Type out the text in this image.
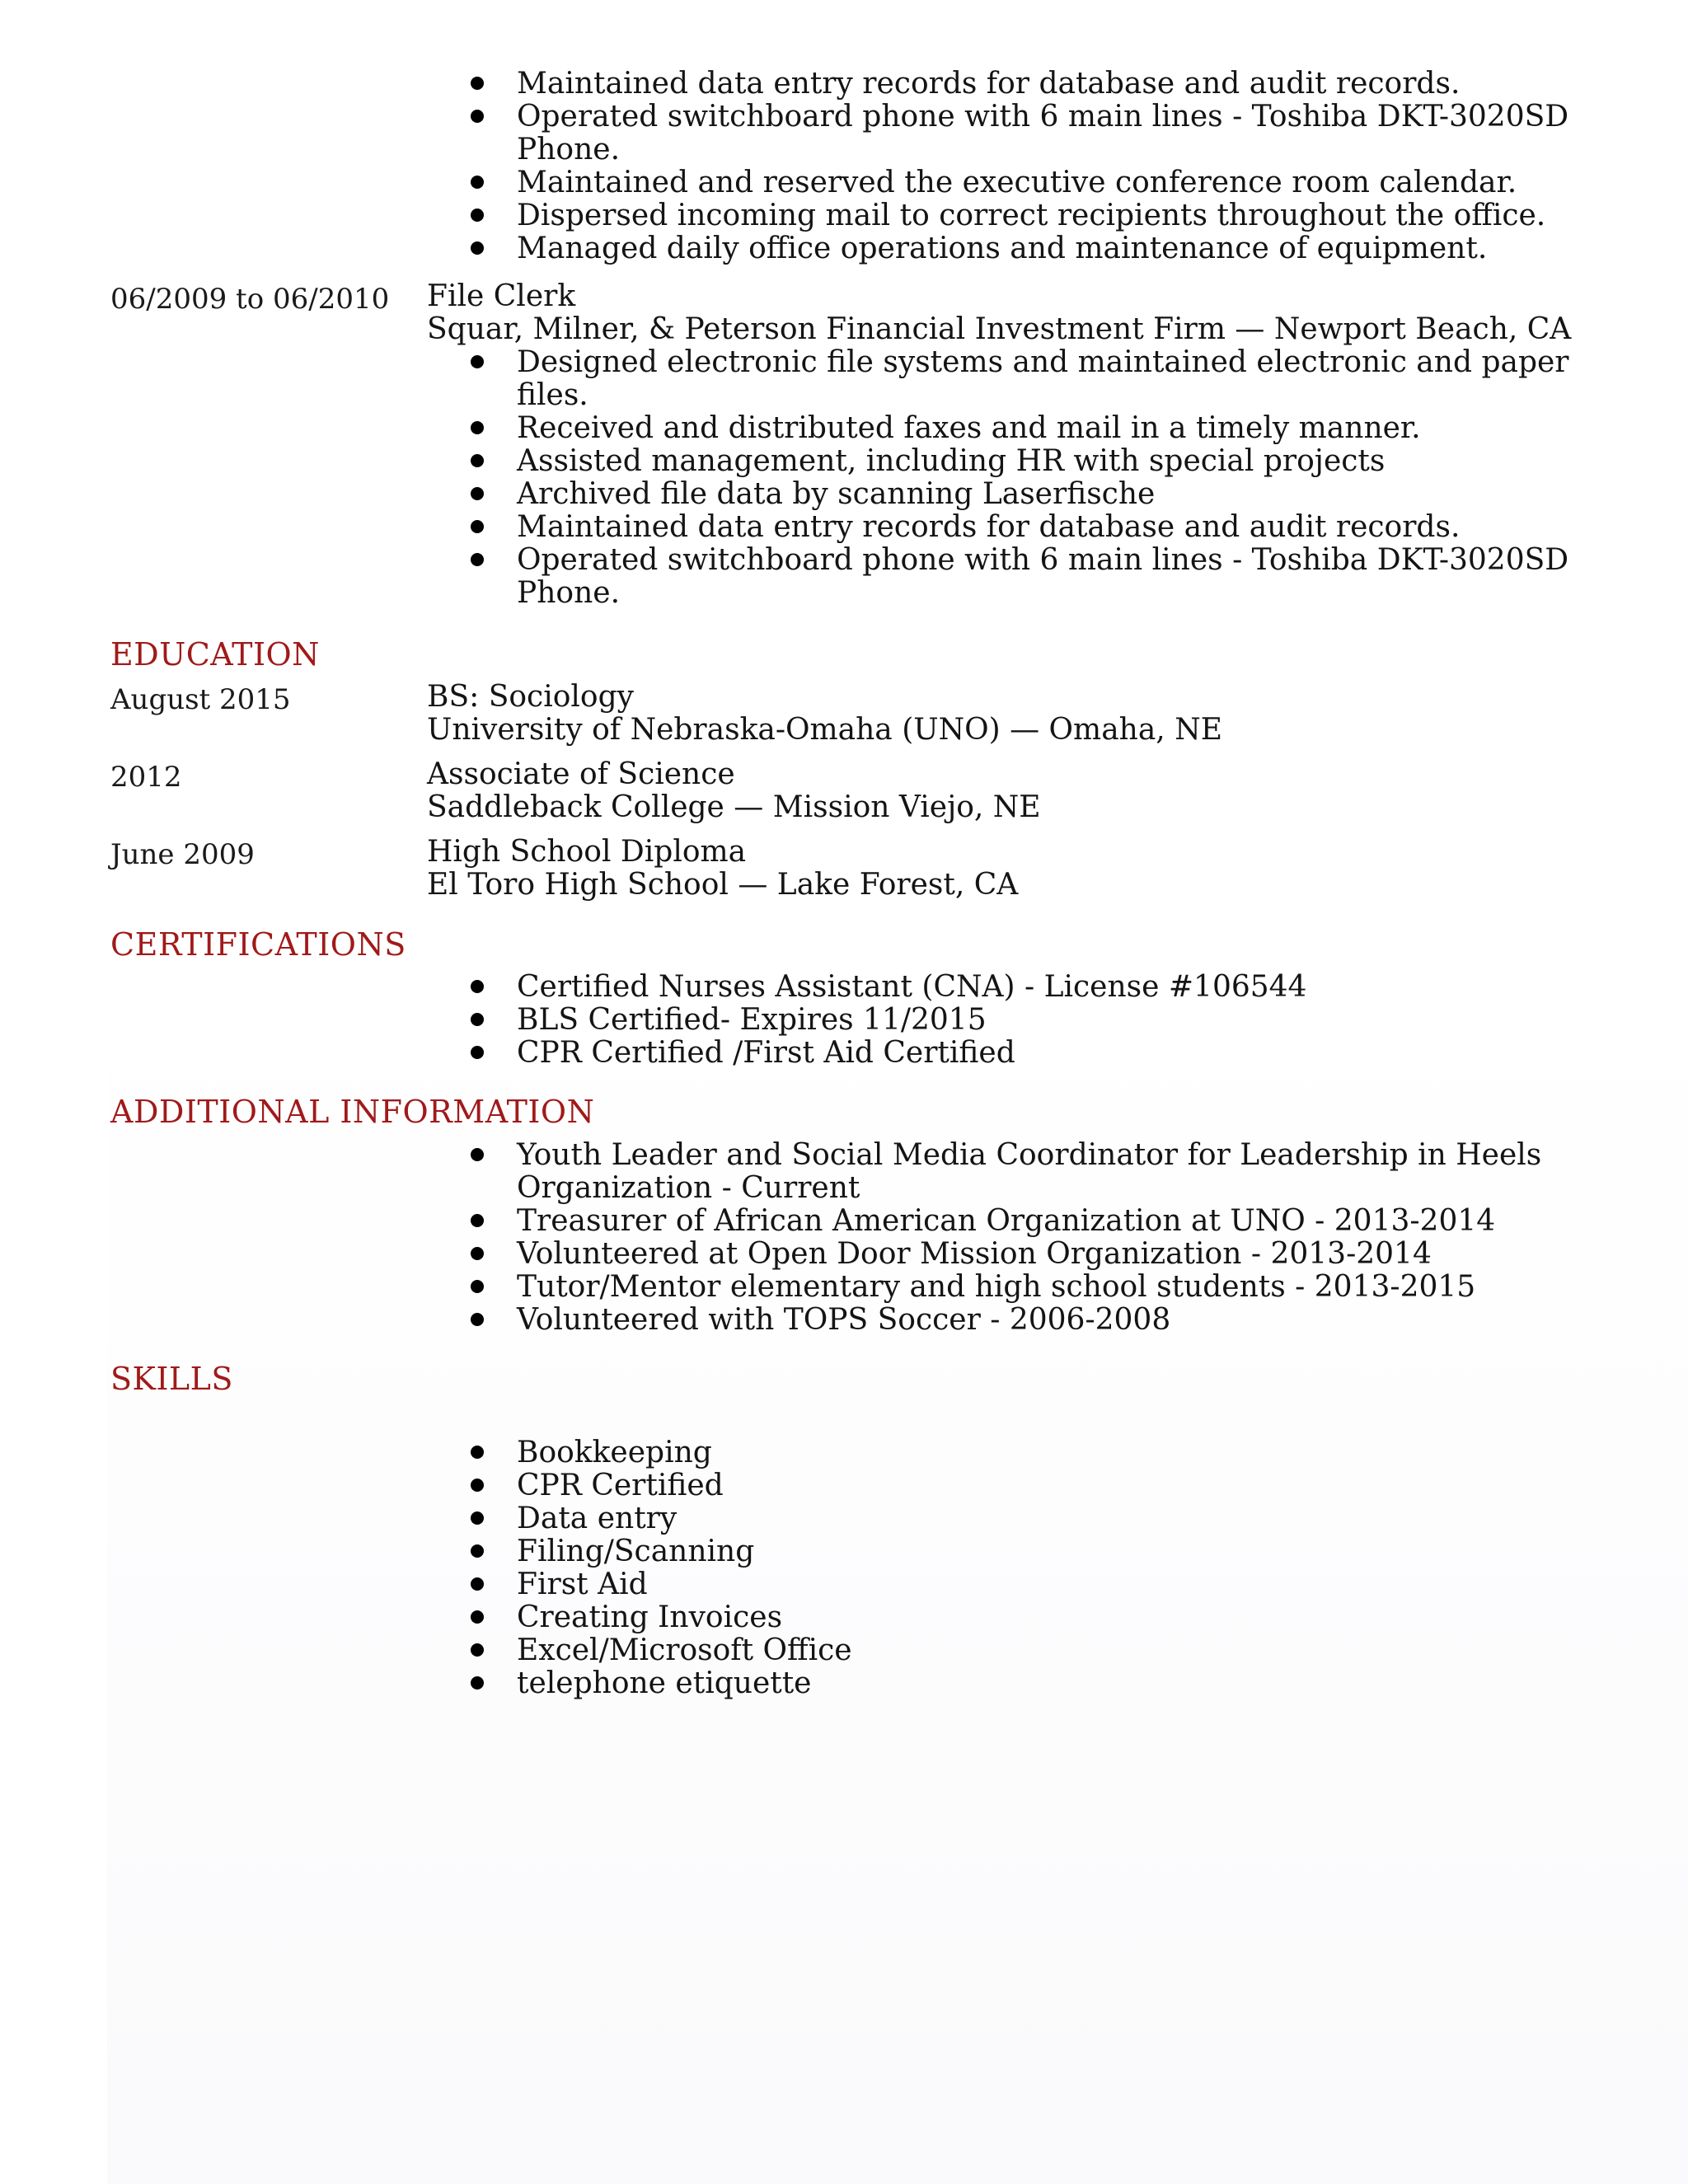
Maintained data entry records for database and audit records.
Operated switchboard phone with 6 main lines - Toshiba DKT-3020SD Phone.
Maintained and reserved the executive conference room calendar.
Dispersed incoming mail to correct recipients throughout the office.
Managed daily office operations and maintenance of equipment.
06/2009 to 06/2010 File Clerk
Squar, Milner, & Peterson Financial Investment Firm — Newport Beach, CA
Designed electronic file systems and maintained electronic and paper files.
Received and distributed faxes and mail in a timely manner.
Assisted management, including HR with special projects
Archived file data by scanning Laserfische
Maintained data entry records for database and audit records.
Operated switchboard phone with 6 main lines - Toshiba DKT-3020SD Phone.
EDUCATION
August 2015	BS: Sociology
University of Nebraska-Omaha (UNO) — Omaha, NE
2012	Associate of Science
Saddleback College — Mission Viejo, NE
June 2009	High School Diploma
El Toro High School — Lake Forest, CA
CERTIFICATIONS
Certified Nurses Assistant (CNA) - License #106544
BLS Certified- Expires 11/2015
CPR Certified /First Aid Certified
ADDITIONAL INFORMATION
Youth Leader and Social Media Coordinator for Leadership in Heels Organization - Current
Treasurer of African American Organization at UNO - 2013-2014
Volunteered at Open Door Mission Organization - 2013-2014
Tutor/Mentor elementary and high school students - 2013-2015
Volunteered with TOPS Soccer - 2006-2008
SKILLS
Bookkeeping
CPR Certified
Data entry
Filing/Scanning
First Aid
Creating Invoices
Excel/Microsoft Office
telephone etiquette
